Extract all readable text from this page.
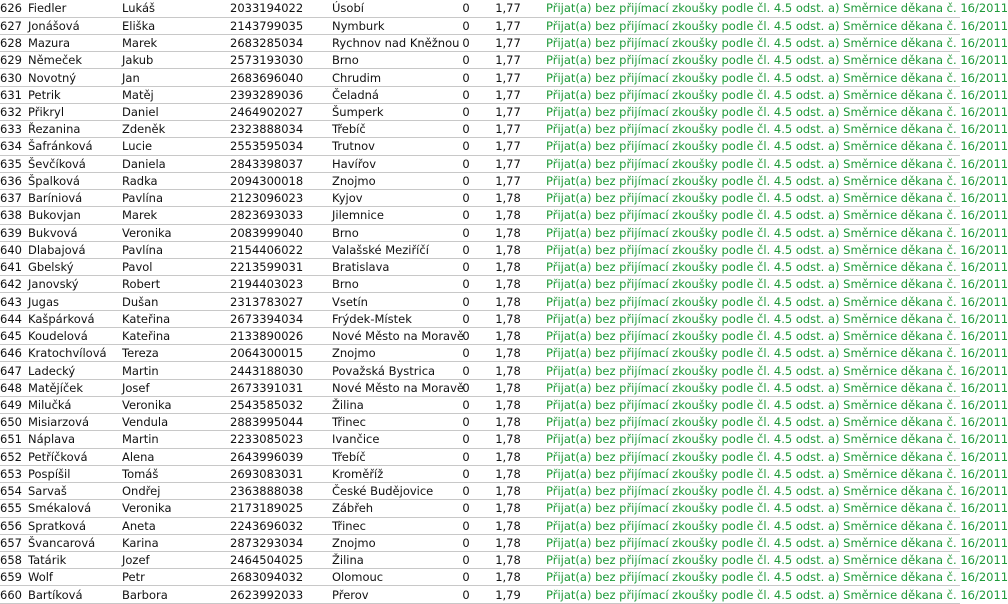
626	Fiedler	Lukáš	2033194022	Úsobí	0	1,77	Přijat(a) bez přijímací zkoušky podle čl. 4.5 odst. a) Směrnice děkana č. 16/2011
627	Jonášová	Eliška	2143799035	Nymburk	0	1,77	Přijat(a) bez přijímací zkoušky podle čl. 4.5 odst. a) Směrnice děkana č. 16/2011
628	Mazura	Marek	2683285034	Rychnov nad Kněžnou	0	1,77	Přijat(a) bez přijímací zkoušky podle čl. 4.5 odst. a) Směrnice děkana č. 16/2011
629	Němeček	Jakub	2573193030	Brno	0	1,77	Přijat(a) bez přijímací zkoušky podle čl. 4.5 odst. a) Směrnice děkana č. 16/2011
630	Novotný	Jan	2683696040	Chrudim	0	1,77	Přijat(a) bez přijímací zkoušky podle čl. 4.5 odst. a) Směrnice děkana č. 16/2011
631	Petrik	Matěj	2393289036	Čeladná	0	1,77	Přijat(a) bez přijímací zkoušky podle čl. 4.5 odst. a) Směrnice děkana č. 16/2011
632	Přikryl	Daniel	2464902027	Šumperk	0	1,77	Přijat(a) bez přijímací zkoušky podle čl. 4.5 odst. a) Směrnice děkana č. 16/2011
633	Řezanina	Zdeněk	2323888034	Třebíč	0	1,77	Přijat(a) bez přijímací zkoušky podle čl. 4.5 odst. a) Směrnice děkana č. 16/2011
634	Šafránková	Lucie	2553595034	Trutnov	0	1,77	Přijat(a) bez přijímací zkoušky podle čl. 4.5 odst. a) Směrnice děkana č. 16/2011
635	Ševčíková	Daniela	2843398037	Havířov	0	1,77	Přijat(a) bez přijímací zkoušky podle čl. 4.5 odst. a) Směrnice děkana č. 16/2011
636	Špalková	Radka	2094300018	Znojmo	0	1,77	Přijat(a) bez přijímací zkoušky podle čl. 4.5 odst. a) Směrnice děkana č. 16/2011
637	Baríniová	Pavlína	2123096023	Kyjov	0	1,78	Přijat(a) bez přijímací zkoušky podle čl. 4.5 odst. a) Směrnice děkana č. 16/2011
638	Bukovjan	Marek	2823693033	Jilemnice	0	1,78	Přijat(a) bez přijímací zkoušky podle čl. 4.5 odst. a) Směrnice děkana č. 16/2011
639	Bukvová	Veronika	2083999040	Brno	0	1,78	Přijat(a) bez přijímací zkoušky podle čl. 4.5 odst. a) Směrnice děkana č. 16/2011
640	Dlabajová	Pavlína	2154406022	Valašské Meziříčí	0	1,78	Přijat(a) bez přijímací zkoušky podle čl. 4.5 odst. a) Směrnice děkana č. 16/2011
641	Gbelský	Pavol	2213599031	Bratislava	0	1,78	Přijat(a) bez přijímací zkoušky podle čl. 4.5 odst. a) Směrnice děkana č. 16/2011
642	Janovský	Robert	2194403023	Brno	0	1,78	Přijat(a) bez přijímací zkoušky podle čl. 4.5 odst. a) Směrnice děkana č. 16/2011
643	Jugas	Dušan	2313783027	Vsetín	0	1,78	Přijat(a) bez přijímací zkoušky podle čl. 4.5 odst. a) Směrnice děkana č. 16/2011
644	Kašpárková	Kateřina	2673394034	Frýdek-Místek	0	1,78	Přijat(a) bez přijímací zkoušky podle čl. 4.5 odst. a) Směrnice děkana č. 16/2011
645	Koudelová	Kateřina	2133890026	Nové Město na Moravě	0	1,78	Přijat(a) bez přijímací zkoušky podle čl. 4.5 odst. a) Směrnice děkana č. 16/2011
646	Kratochvílová	Tereza	2064300015	Znojmo	0	1,78	Přijat(a) bez přijímací zkoušky podle čl. 4.5 odst. a) Směrnice děkana č. 16/2011
647	Ladecký	Martin	2443188030	Považská Bystrica	0	1,78	Přijat(a) bez přijímací zkoušky podle čl. 4.5 odst. a) Směrnice děkana č. 16/2011
648	Matějíček	Josef	2673391031	Nové Město na Moravě	0	1,78	Přijat(a) bez přijímací zkoušky podle čl. 4.5 odst. a) Směrnice děkana č. 16/2011
649	Milučká	Veronika	2543585032	Žilina	0	1,78	Přijat(a) bez přijímací zkoušky podle čl. 4.5 odst. a) Směrnice děkana č. 16/2011
650	Misiarzová	Vendula	2883995044	Třinec	0	1,78	Přijat(a) bez přijímací zkoušky podle čl. 4.5 odst. a) Směrnice děkana č. 16/2011
651	Náplava	Martin	2233085023	Ivančice	0	1,78	Přijat(a) bez přijímací zkoušky podle čl. 4.5 odst. a) Směrnice děkana č. 16/2011
652	Petříčková	Alena	2643996039	Třebíč	0	1,78	Přijat(a) bez přijímací zkoušky podle čl. 4.5 odst. a) Směrnice děkana č. 16/2011
653	Pospíšil	Tomáš	2693083031	Kroměříž	0	1,78	Přijat(a) bez přijímací zkoušky podle čl. 4.5 odst. a) Směrnice děkana č. 16/2011
654	Sarvaš	Ondřej	2363888038	České Budějovice	0	1,78	Přijat(a) bez přijímací zkoušky podle čl. 4.5 odst. a) Směrnice děkana č. 16/2011
655	Smékalová	Veronika	2173189025	Zábřeh	0	1,78	Přijat(a) bez přijímací zkoušky podle čl. 4.5 odst. a) Směrnice děkana č. 16/2011
656	Spratková	Aneta	2243696032	Třinec	0	1,78	Přijat(a) bez přijímací zkoušky podle čl. 4.5 odst. a) Směrnice děkana č. 16/2011
657	Švancarová	Karina	2873293034	Znojmo	0	1,78	Přijat(a) bez přijímací zkoušky podle čl. 4.5 odst. a) Směrnice děkana č. 16/2011
658	Tatárik	Jozef	2464504025	Žilina	0	1,78	Přijat(a) bez přijímací zkoušky podle čl. 4.5 odst. a) Směrnice děkana č. 16/2011
659	Wolf	Petr	2683094032	Olomouc	0	1,78	Přijat(a) bez přijímací zkoušky podle čl. 4.5 odst. a) Směrnice děkana č. 16/2011
660	Bartíková	Barbora	2623992033	Přerov	0	1,79	Přijat(a) bez přijímací zkoušky podle čl. 4.5 odst. a) Směrnice děkana č. 16/2011
